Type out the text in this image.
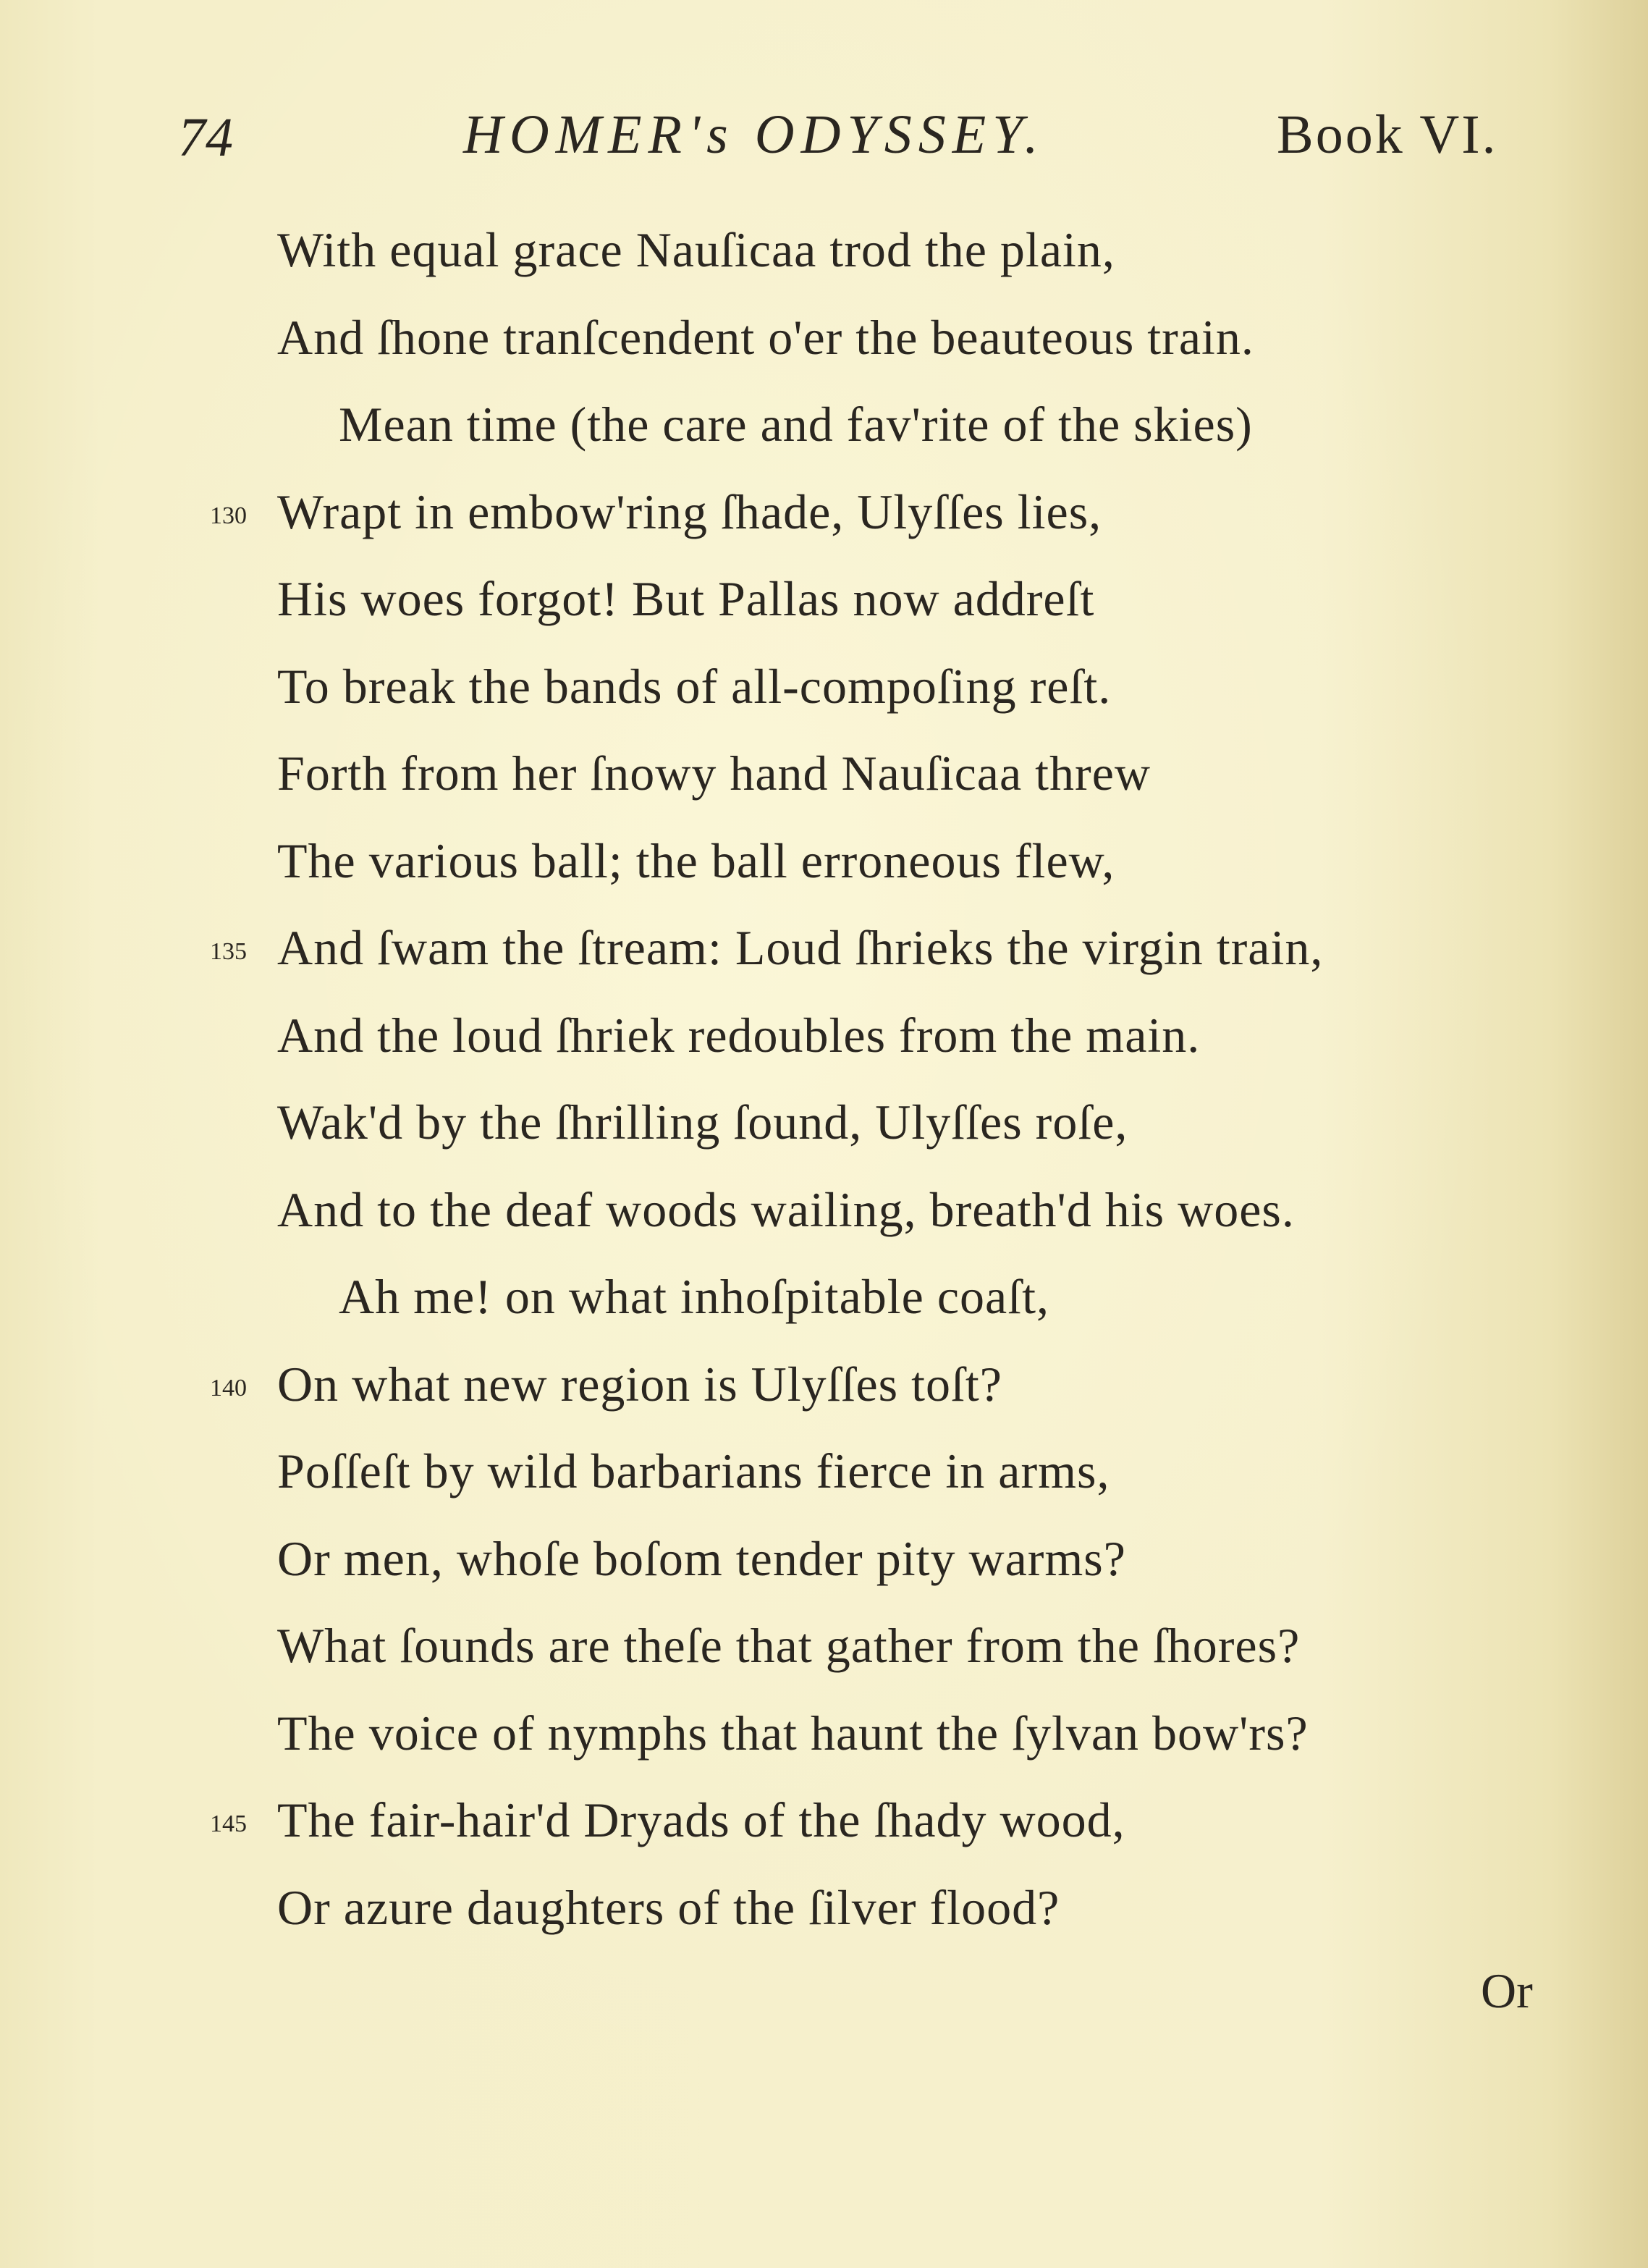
74	HOMER's ODYSSEY.	Book VI.
With equal grace Nauſicaa trod the plain,
And ſhone tranſcendent o'er the beauteous train.
Mean time (the care and fav'rite of the skies)
130 Wrapt in embow'ring ſhade, Ulyſſes lies,
His woes forgot! But Pallas now addreſt
To break the bands of all-compoſing reſt.
Forth from her ſnowy hand Nauſicaa threw
The various ball; the ball erroneous flew,
135 And ſwam the ſtream: Loud ſhrieks the virgin train,
And the loud ſhriek redoubles from the main.
Wak'd by the ſhrilling ſound, Ulyſſes roſe,
And to the deaf woods wailing, breath'd his woes.
Ah me! on what inhoſpitable coaſt,
140 On what new region is Ulyſſes toſt?
Poſſeſt by wild barbarians fierce in arms,
Or men, whoſe boſom tender pity warms?
What ſounds are theſe that gather from the ſhores?
The voice of nymphs that haunt the ſylvan bow'rs?
145 The fair-hair'd Dryads of the ſhady wood,
Or azure daughters of the ſilver flood?
Or
